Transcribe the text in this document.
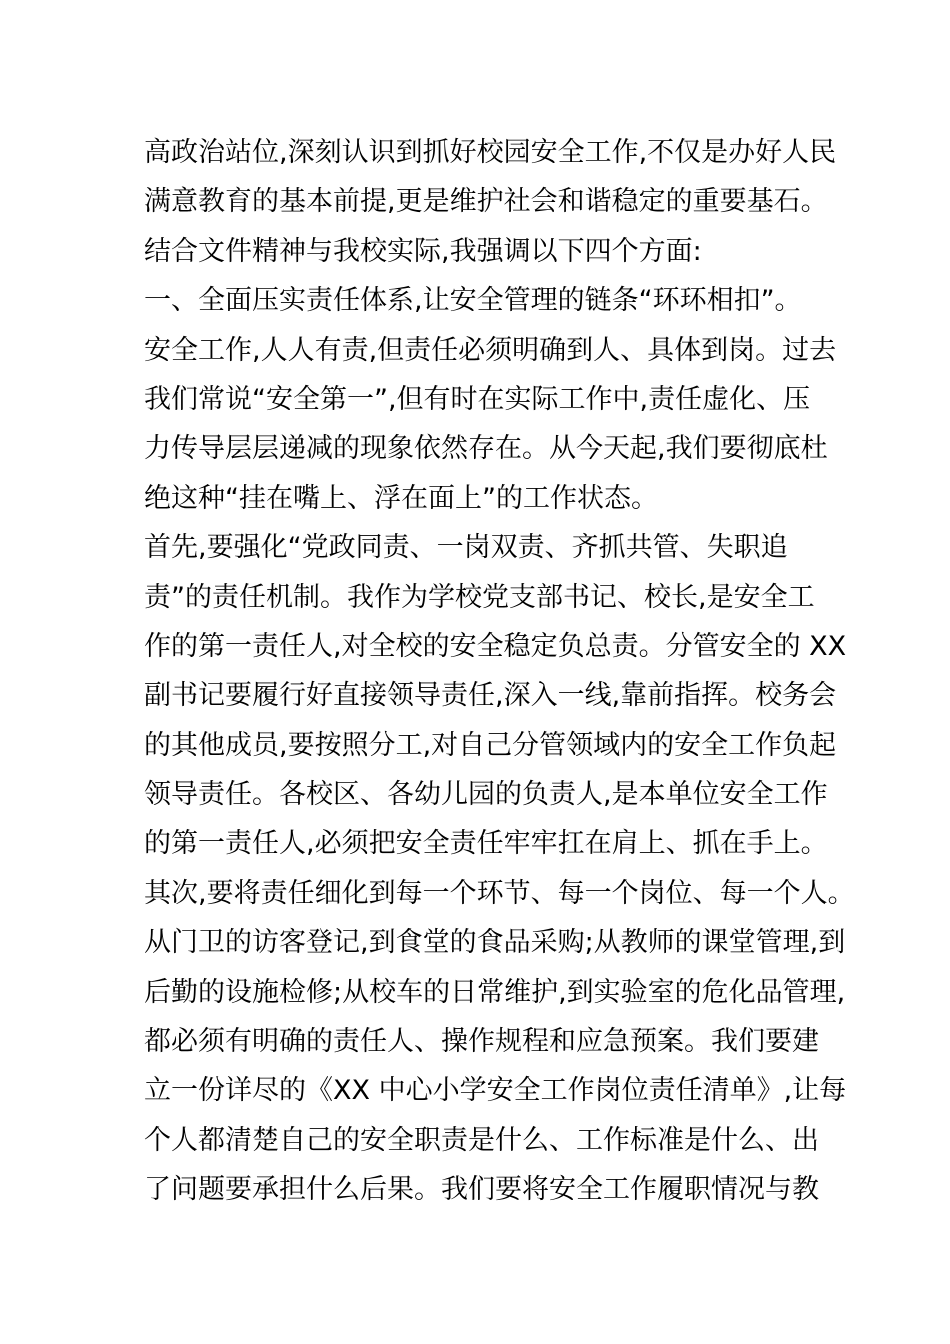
高政治站位,深刻认识到抓好校园安全工作,不仅是办好人民
满意教育的基本前提,更是维护社会和谐稳定的重要基石。
结合文件精神与我校实际,我强调以下四个方面:
一、全面压实责任体系,让安全管理的链条“环环相扣”。
安全工作,人人有责,但责任必须明确到人、具体到岗。过去
我们常说“安全第一”,但有时在实际工作中,责任虚化、压
力传导层层递减的现象依然存在。从今天起,我们要彻底杜
绝这种“挂在嘴上、浮在面上”的工作状态。
首先,要强化“党政同责、一岗双责、齐抓共管、失职追
责”的责任机制。我作为学校党支部书记、校长,是安全工
作的第一责任人,对全校的安全稳定负总责。分管安全的 XX
副书记要履行好直接领导责任,深入一线,靠前指挥。校务会
的其他成员,要按照分工,对自己分管领域内的安全工作负起
领导责任。各校区、各幼儿园的负责人,是本单位安全工作
的第一责任人,必须把安全责任牢牢扛在肩上、抓在手上。
其次,要将责任细化到每一个环节、每一个岗位、每一个人。
从门卫的访客登记,到食堂的食品采购;从教师的课堂管理,到
后勤的设施检修;从校车的日常维护,到实验室的危化品管理,
都必须有明确的责任人、操作规程和应急预案。我们要建
立一份详尽的《XX 中心小学安全工作岗位责任清单》,让每
个人都清楚自己的安全职责是什么、工作标准是什么、出
了问题要承担什么后果。我们要将安全工作履职情况与教
